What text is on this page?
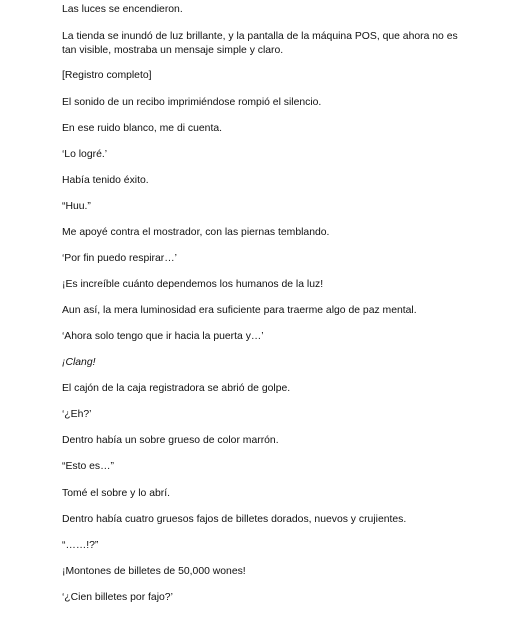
Las luces se encendieron.

La tienda se inundó de luz brillante, y la pantalla de la máquina POS, que ahora no es tan visible, mostraba un mensaje simple y claro.

[Registro completo]

El sonido de un recibo imprimiéndose rompió el silencio.

En ese ruido blanco, me di cuenta.

‘Lo logré.’

Había tenido éxito.

“Huu.”

Me apoyé contra el mostrador, con las piernas temblando.

‘Por fin puedo respirar…’

¡Es increíble cuánto dependemos los humanos de la luz!

Aun así, la mera luminosidad era suficiente para traerme algo de paz mental.

‘Ahora solo tengo que ir hacia la puerta y…’

¡Clang!

El cajón de la caja registradora se abrió de golpe.

‘¿Eh?’

Dentro había un sobre grueso de color marrón.

“Esto es…”

Tomé el sobre y lo abrí.

Dentro había cuatro gruesos fajos de billetes dorados, nuevos y crujientes.

“……!?”

¡Montones de billetes de 50,000 wones!

‘¿Cien billetes por fajo?’
